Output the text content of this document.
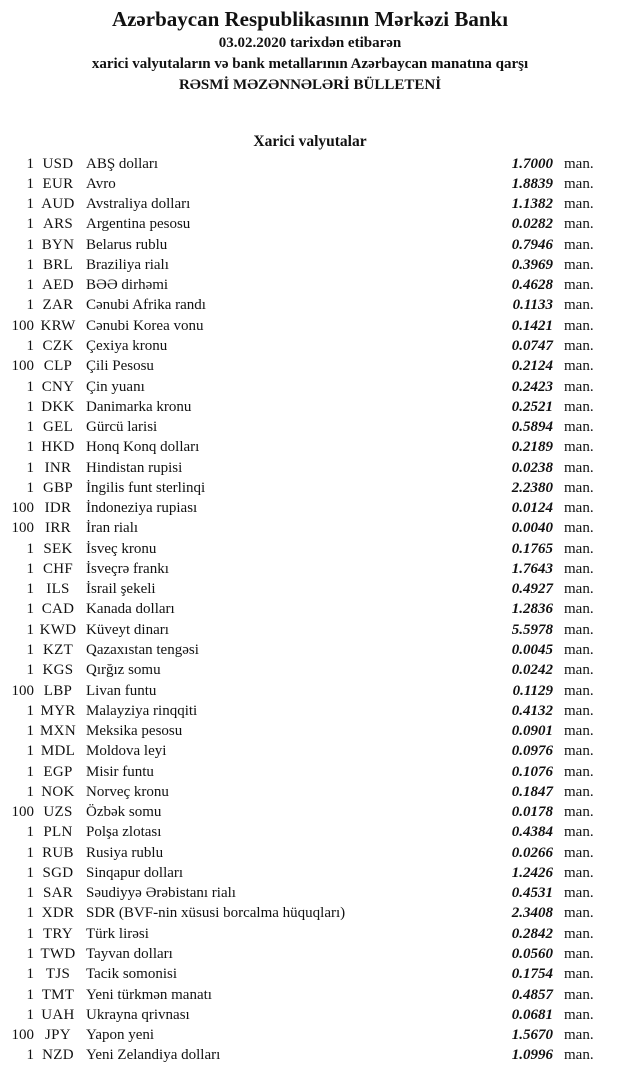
Azərbaycan Respublikasının Mərkəzi Bankı
03.02.2020 tarixdən etibarən
xarici valyutaların və bank metallarının Azərbaycan manatına qarşı
RƏSMİ MƏZƏNNƏLƏRİ BÜLLETENİ
Xarici valyutalar
1 USD ABŞ dolları	1.7000 man.
1 EUR Avro	1.8839 man.
1 AUD Avstraliya dolları	1.1382 man.
1 ARS Argentina pesosu	0.0282 man.
1 BYN Belarus rublu	0.7946 man.
1 BRL Braziliya rialı	0.3969 man.
1 AED BƏƏ dirhəmi	0.4628 man.
1 ZAR Cənubi Afrika randı	0.1133 man.
100 KRW Cənubi Korea vonu	0.1421 man.
1 CZK Çexiya kronu	0.0747 man.
100 CLP Çili Pesosu	0.2124 man.
1 CNY Çin yuanı	0.2423 man.
1 DKK Danimarka kronu	0.2521 man.
1 GEL Gürcü larisi	0.5894 man.
1 HKD Honq Konq dolları	0.2189 man.
1 INR Hindistan rupisi	0.0238 man.
1 GBP İngilis funt sterlinqi	2.2380 man.
100 IDR İndoneziya rupiası	0.0124 man.
100 IRR	İran rialı	0.0040 man.
1 SEK İsveç kronu	0.1765 man.
1 CHF İsveçrə frankı	1.7643 man.
1 ILS	İsrail şekeli	0.4927 man.
1 CAD Kanada dolları	1.2836 man.
1 KWD Küveyt dinarı	5.5978 man.
1 KZT Qazaxıstan tengəsi	0.0045 man.
1 KGS Qırğız somu	0.0242 man.
100 LBP Livan funtu	0.1129 man.
1 MYR Malayziya rinqqiti	0.4132 man.
1 MXN Meksika pesosu	0.0901 man.
1 MDL Moldova leyi	0.0976 man.
1 EGP Misir funtu	0.1076 man.
1 NOK Norveç kronu	0.1847 man.
100 UZS Özbək somu	0.0178 man.
1 PLN Polşa zlotası	0.4384 man.
1 RUB Rusiya rublu	0.0266 man.
1 SGD Sinqapur dolları	1.2426 man.
1 SAR Səudiyyə Ərəbistanı rialı	0.4531 man.
1 XDR SDR (BVF-nin xüsusi borcalma hüquqları)	2.3408 man.
1 TRY Türk lirəsi	0.2842 man.
1 TWD Tayvan dolları	0.0560 man.
1 TJS	Tacik somonisi	0.1754 man.
1 TMT Yeni türkmən manatı	0.4857 man.
1 UAH Ukrayna qrivnası	0.0681 man.
100 JPY	Yapon yeni	1.5670 man.
1 NZD Yeni Zelandiya dolları	1.0996 man.
